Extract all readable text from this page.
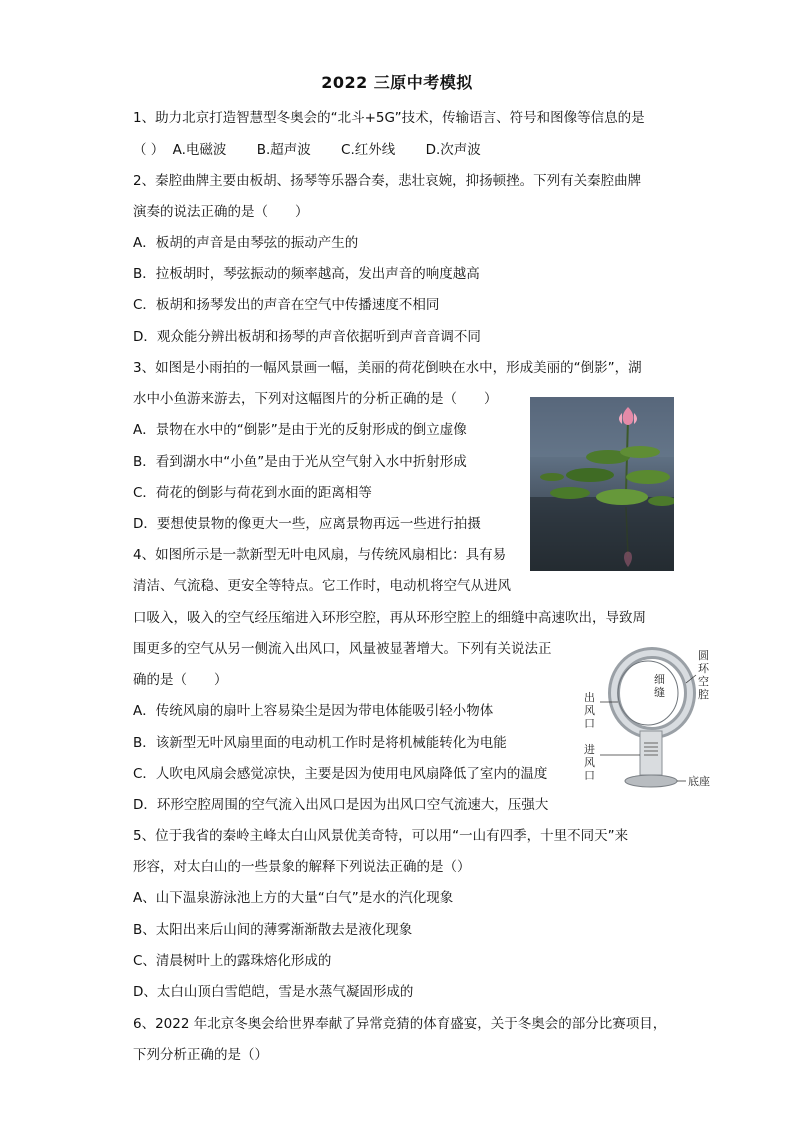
2022 三原中考模拟
1、助力北京打造智慧型冬奥会的“北斗+5G”技术，传输语言、符号和图像等信息的是
（ ） A.电磁波 B.超声波 C.红外线 D.次声波
2、秦腔曲牌主要由板胡、扬琴等乐器合奏，悲壮哀婉，抑扬顿挫。下列有关秦腔曲牌
演奏的说法正确的是（　　）
A．板胡的声音是由琴弦的振动产生的
B．拉板胡时，琴弦振动的频率越高，发出声音的响度越高
C．板胡和扬琴发出的声音在空气中传播速度不相同
D．观众能分辨出板胡和扬琴的声音依据听到声音音调不同
3、如图是小雨拍的一幅风景画一幅，美丽的荷花倒映在水中，形成美丽的“倒影”，湖
水中小鱼游来游去，下列对这幅图片的分析正确的是（　　）
A．景物在水中的“倒影”是由于光的反射形成的倒立虚像
B．看到湖水中“小鱼”是由于光从空气射入水中折射形成
C．荷花的倒影与荷花到水面的距离相等
D．要想使景物的像更大一些，应离景物再远一些进行拍摄
4、如图所示是一款新型无叶电风扇，与传统风扇相比：具有易
清洁、气流稳、更安全等特点。它工作时，电动机将空气从进风
口吸入，吸入的空气经压缩进入环形空腔，再从环形空腔上的细缝中高速吹出，导致周
围更多的空气从另一侧流入出风口，风量被显著增大。下列有关说法正
确的是（　　）
A．传统风扇的扇叶上容易染尘是因为带电体能吸引轻小物体
B．该新型无叶风扇里面的电动机工作时是将机械能转化为电能
C．人吹电风扇会感觉凉快，主要是因为使用电风扇降低了室内的温度
D．环形空腔周围的空气流入出风口是因为出风口空气流速大，压强大
圆
环
空
腔
细
缝
出
风
口
进
风
口	底座
5、位于我省的秦岭主峰太白山风景优美奇特，可以用“一山有四季，十里不同天”来
形容，对太白山的一些景象的解释下列说法正确的是（）
A、山下温泉游泳池上方的大量“白气”是水的汽化现象
B、太阳出来后山间的薄雾渐渐散去是液化现象
C、清晨树叶上的露珠熔化形成的
D、太白山顶白雪皑皑，雪是水蒸气凝固形成的
6、2022 年北京冬奥会给世界奉献了异常竞猜的体育盛宴，关于冬奥会的部分比赛项目，
下列分析正确的是（）
